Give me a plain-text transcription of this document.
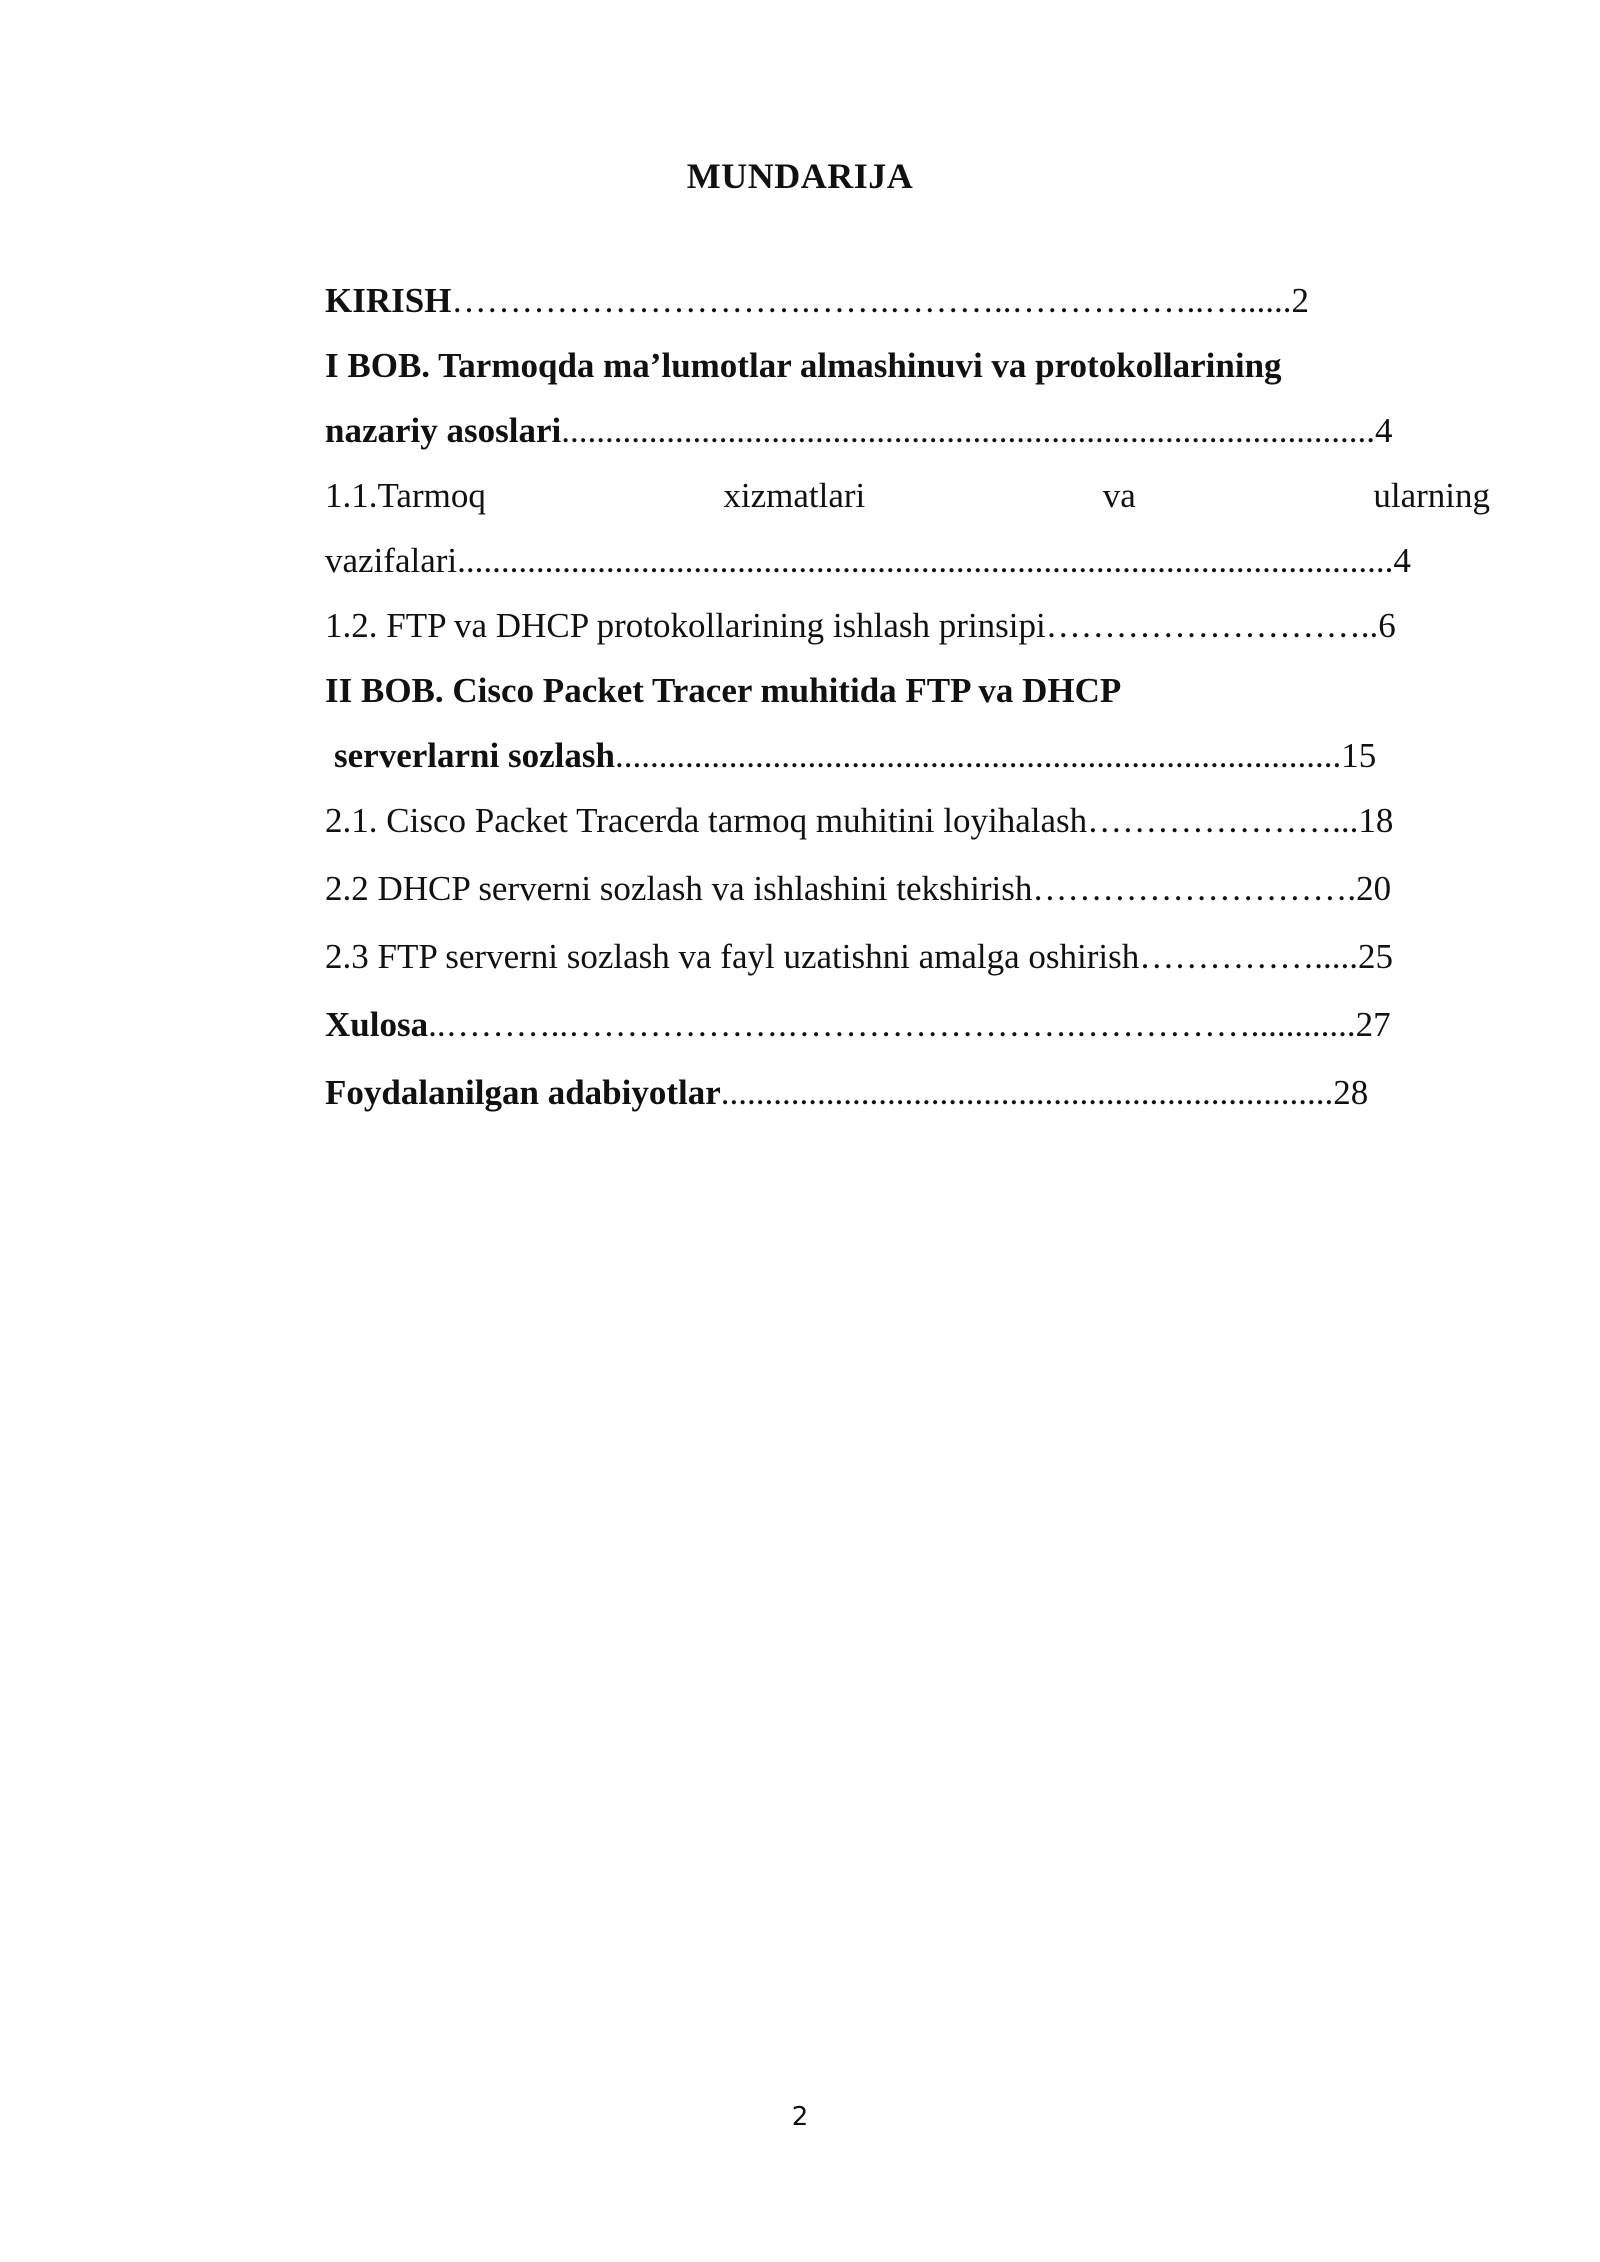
MUNDARIJA
KIRISH………………………….…….………..……………..…......2
I BOB. Tarmoqda ma’lumotlar almashinuvi va protokollarining
nazariy asoslari.............................................................................................4
1.1.Tarmoq	xizmatlari	va	ularning
vazifalari...........................................................................................................4
1.2. FTP va DHCP protokollarining ishlash prinsipi………………………..6
II BOB. Cisco Packet Tracer muhitida FTP va DHCP
serverlarni sozlash...................................................................................15
2.1. Cisco Packet Tracerda tarmoq muhitini loyihalash…………………...18
2.2 DHCP serverni sozlash va ishlashini tekshirish……………………….20
2.3 FTP serverni sozlash va fayl uzatishni amalga oshirish…………….....25
Xulosa..………..……………….…………………….……………............27
Foydalanilgan adabiyotlar......................................................................28
2
